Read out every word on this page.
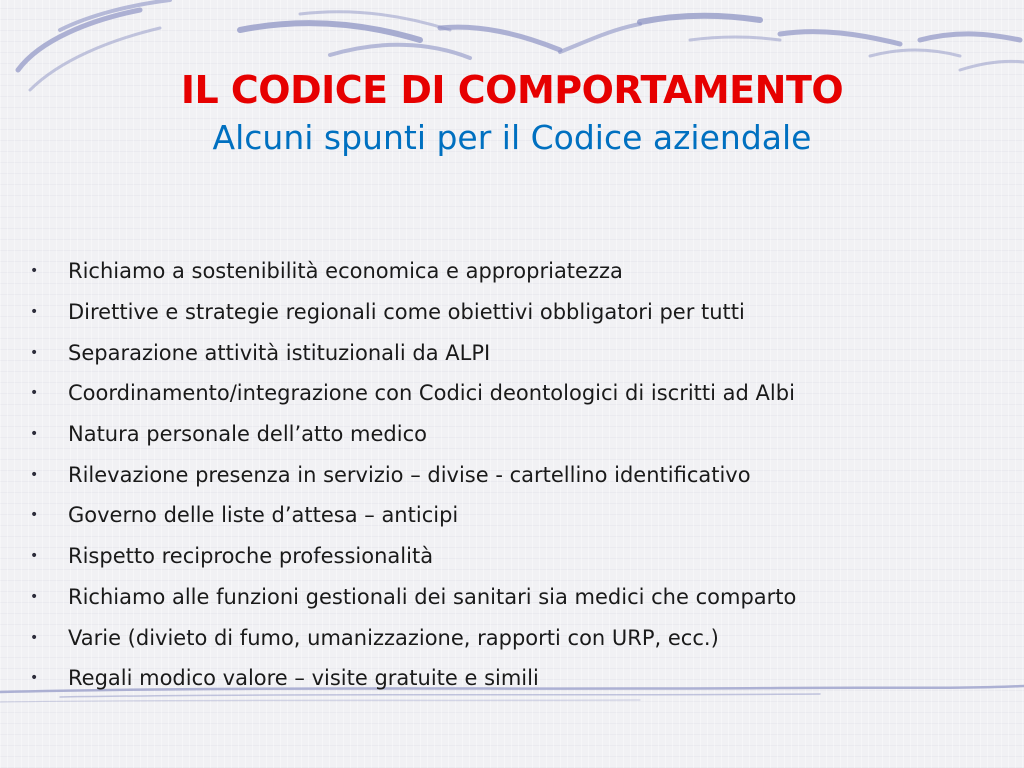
IL CODICE DI COMPORTAMENTO
Alcuni spunti per il Codice aziendale
•	Richiamo a sostenibilità economica e appropriatezza
•	Direttive e strategie regionali come obiettivi obbligatori per tutti
•	Separazione attività istituzionali da ALPI
•	Coordinamento/integrazione con Codici deontologici di iscritti ad Albi
•	Natura personale dell’atto medico
•	Rilevazione presenza in servizio – divise - cartellino identificativo
•	Governo delle liste d’attesa – anticipi
•	Rispetto reciproche professionalità
•	Richiamo alle funzioni gestionali dei sanitari sia medici che comparto
•	Varie (divieto di fumo, umanizzazione, rapporti con URP, ecc.)
•	Regali modico valore – visite gratuite e simili
